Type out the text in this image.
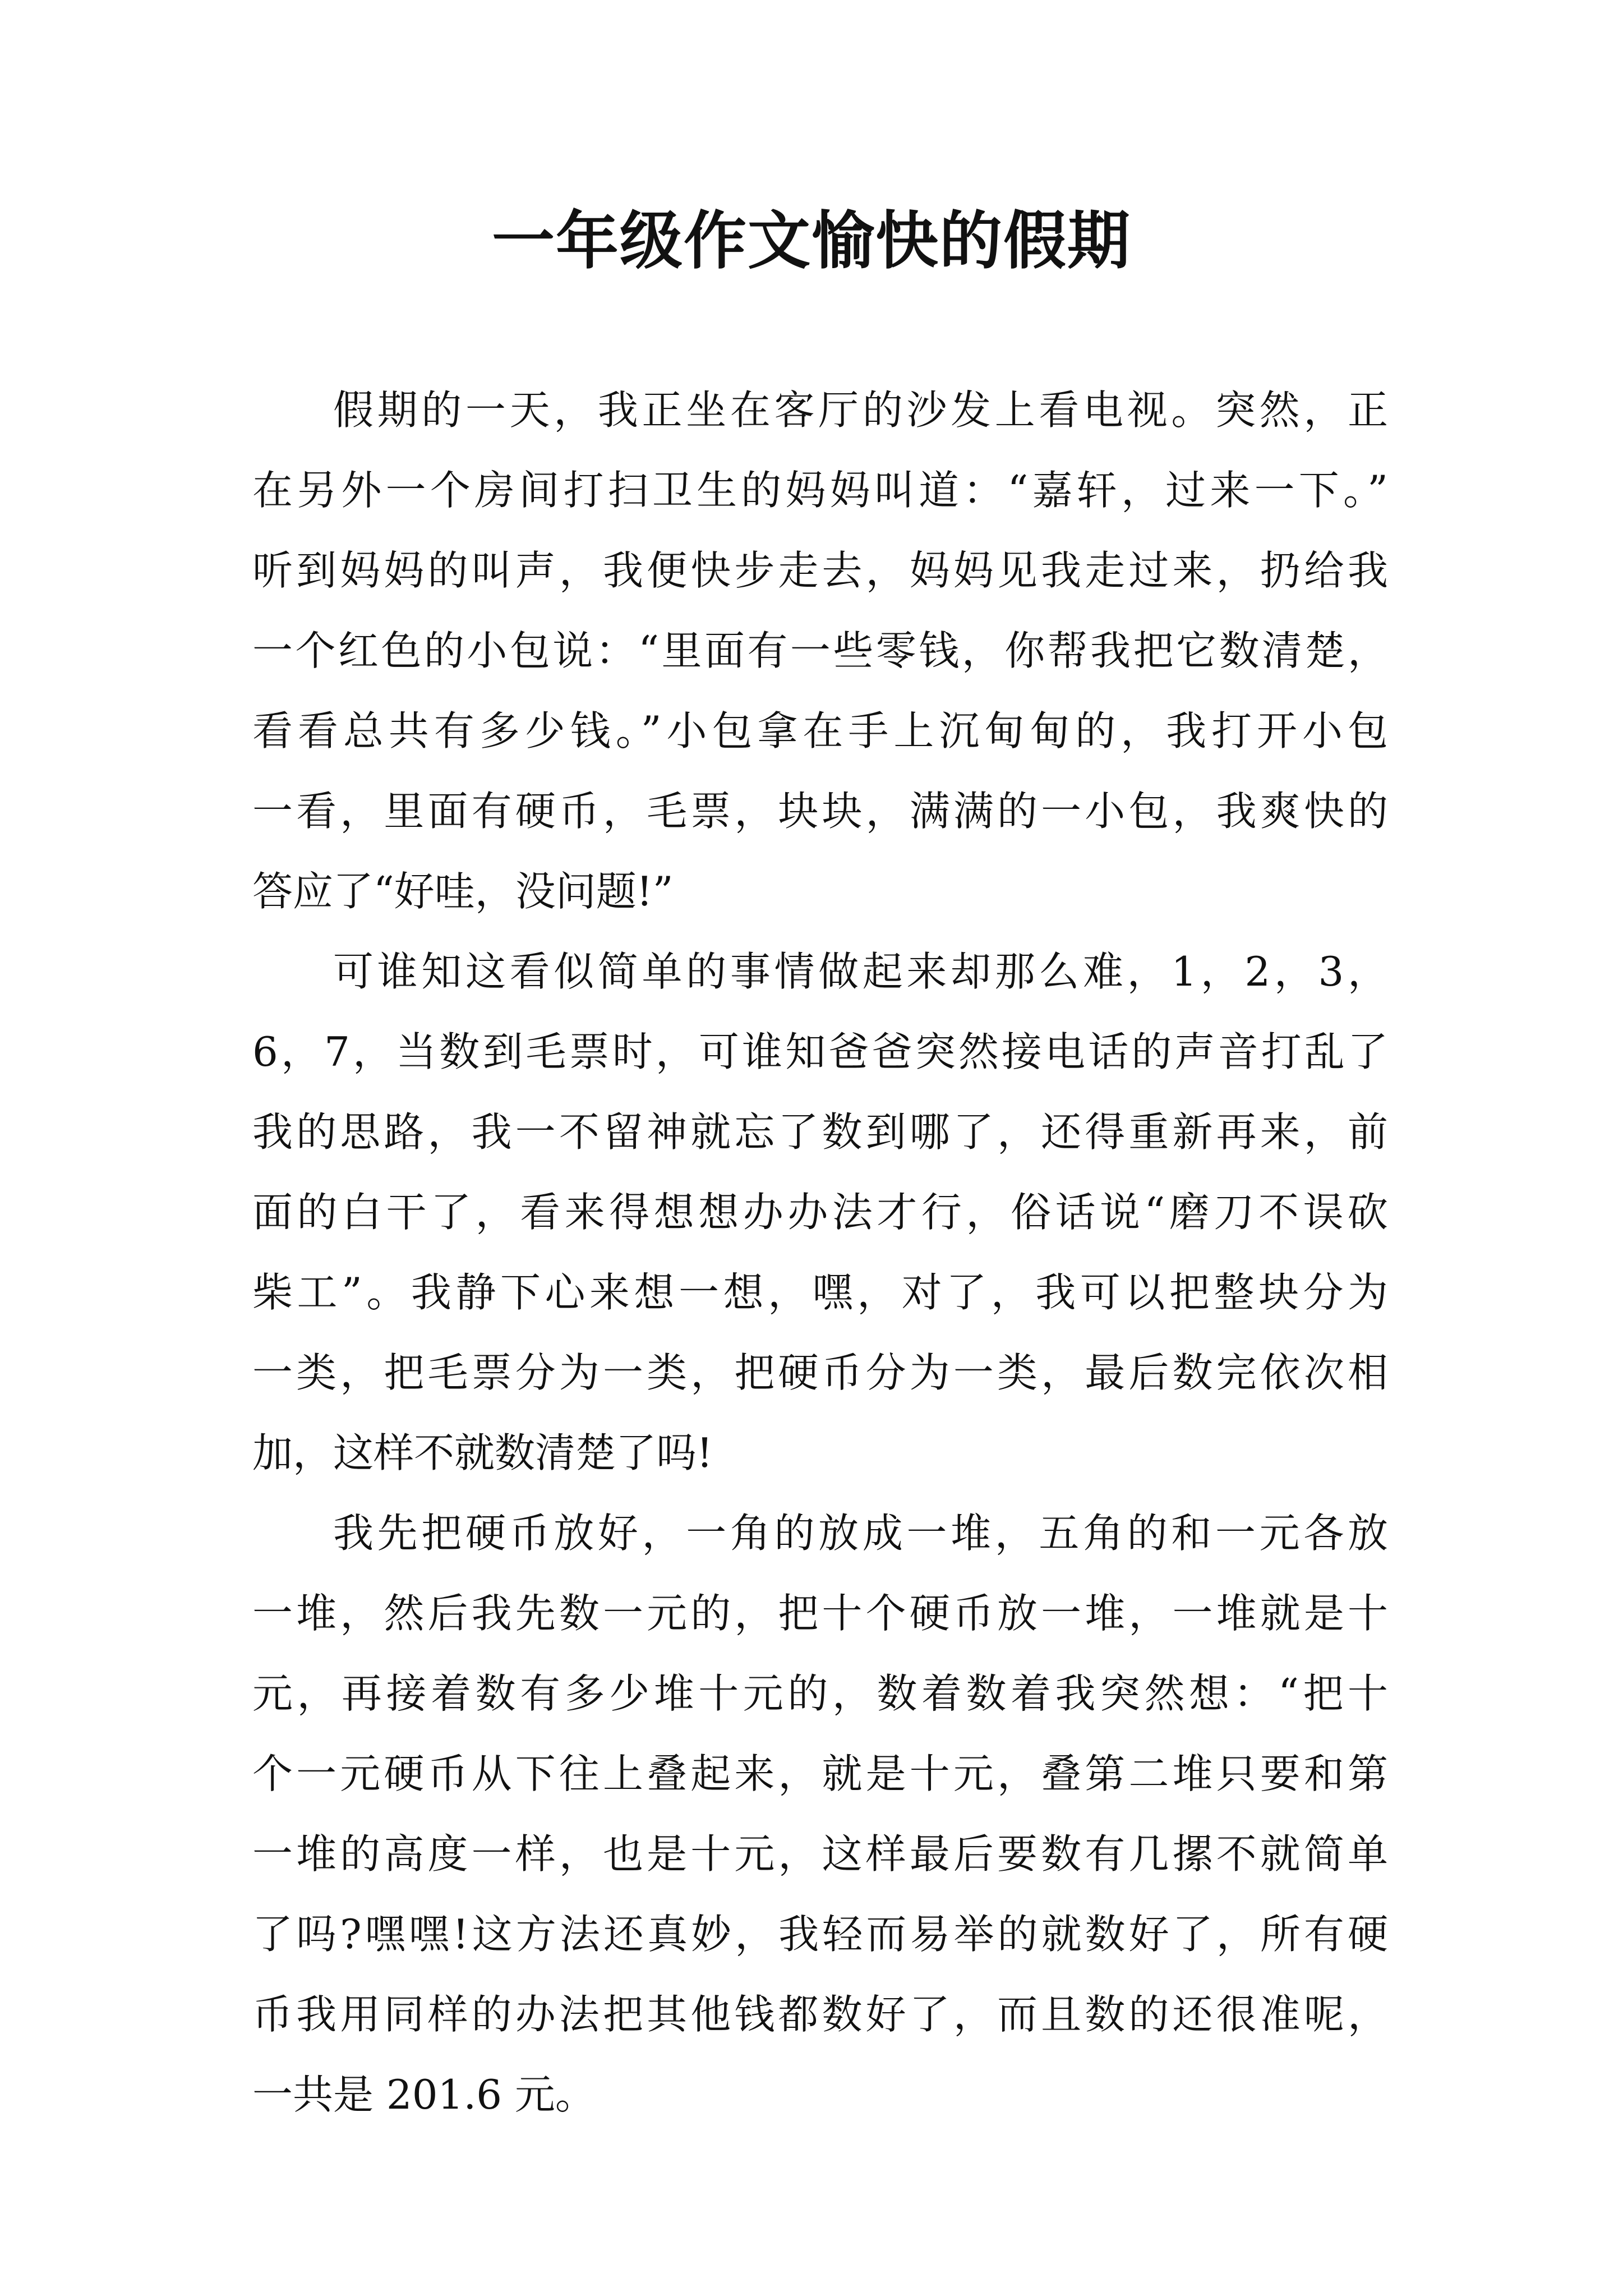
一年级作文愉快的假期
假期的一天，我正坐在客厅的沙发上看电视。突然，正
在另外一个房间打扫卫生的妈妈叫道：“嘉轩，过来一下。”
听到妈妈的叫声，我便快步走去，妈妈见我走过来，扔给我
一个红色的小包说：“里面有一些零钱，你帮我把它数清楚，
看看总共有多少钱。”小包拿在手上沉甸甸的，我打开小包
一看，里面有硬币，毛票，块块，满满的一小包，我爽快的
答应了“好哇，没问题!”
可谁知这看似简单的事情做起来却那么难，1，2，3，
6，7，当数到毛票时，可谁知爸爸突然接电话的声音打乱了
我的思路，我一不留神就忘了数到哪了，还得重新再来，前
面的白干了，看来得想想办办法才行，俗话说“磨刀不误砍
柴工”。我静下心来想一想，嘿，对了，我可以把整块分为
一类，把毛票分为一类，把硬币分为一类，最后数完依次相
加，这样不就数清楚了吗!
我先把硬币放好，一角的放成一堆，五角的和一元各放
一堆，然后我先数一元的，把十个硬币放一堆，一堆就是十
元，再接着数有多少堆十元的，数着数着我突然想：“把十
个一元硬币从下往上叠起来，就是十元，叠第二堆只要和第
一堆的高度一样，也是十元，这样最后要数有几摞不就简单
了吗?嘿嘿!这方法还真妙，我轻而易举的就数好了，所有硬
币我用同样的办法把其他钱都数好了，而且数的还很准呢，
一共是 201.6 元。
